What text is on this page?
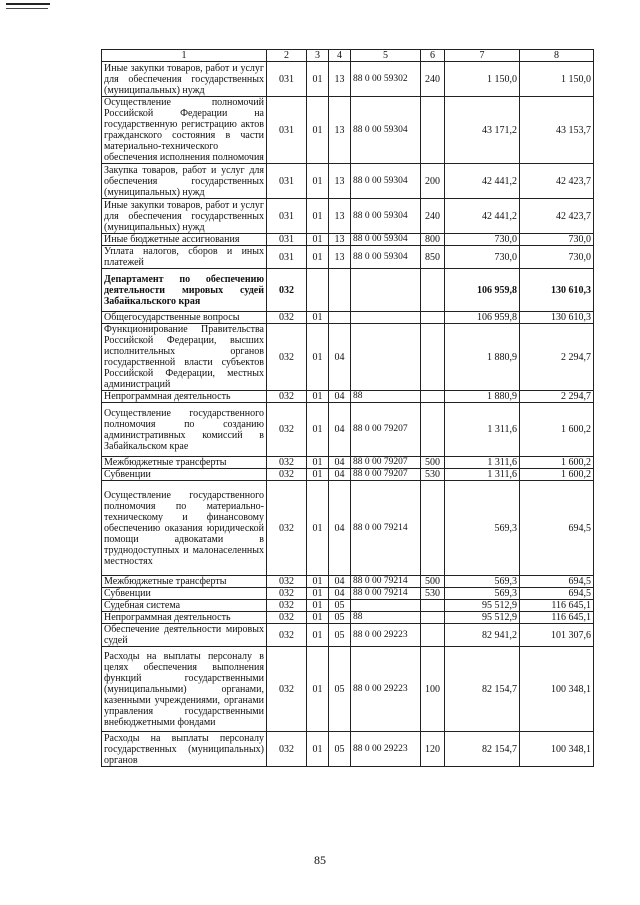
1	2	3	4	5	6	7	8
Иные закупки товаров, работ и услуг для обеспечения государственных (муниципальных) нужд	031	01	13	88 0 00 59302	240	1 150,0	1 150,0
Осуществление полномочий Российской Федерации на государственную регистрацию актов гражданского состояния в части материально-технического обеспечения исполнения полномочия	031	01	13	88 0 00 59304		43 171,2	43 153,7
Закупка товаров, работ и услуг для обеспечения государственных (муниципальных) нужд	031	01	13	88 0 00 59304	200	42 441,2	42 423,7
Иные закупки товаров, работ и услуг для обеспечения государственных (муниципальных) нужд	031	01	13	88 0 00 59304	240	42 441,2	42 423,7
Иные бюджетные ассигнования	031	01	13	88 0 00 59304	800	730,0	730,0
Уплата налогов, сборов и иных платежей	031	01	13	88 0 00 59304	850	730,0	730,0
Департамент по обеспечению деятельности мировых судей Забайкальского края	032					106 959,8	130 610,3
Общегосударственные вопросы	032	01				106 959,8	130 610,3
Функционирование Правительства Российской Федерации, высших исполнительных органов государственной власти субъектов Российской Федерации, местных администраций	032	01	04			1 880,9	2 294,7
Непрограммная деятельность	032	01	04	88		1 880,9	2 294,7
Осуществление государственного полномочия по созданию административных комиссий в Забайкальском крае	032	01	04	88 0 00 79207		1 311,6	1 600,2
Межбюджетные трансферты	032	01	04	88 0 00 79207	500	1 311,6	1 600,2
Субвенции	032	01	04	88 0 00 79207	530	1 311,6	1 600,2
Осуществление государственного полномочия по материально-техническому и финансовому обеспечению оказания юридической помощи адвокатами в труднодоступных и малонаселенных местностях	032	01	04	88 0 00 79214		569,3	694,5
Межбюджетные трансферты	032	01	04	88 0 00 79214	500	569,3	694,5
Субвенции	032	01	04	88 0 00 79214	530	569,3	694,5
Судебная система	032	01	05			95 512,9	116 645,1
Непрограммная деятельность	032	01	05	88		95 512,9	116 645,1
Обеспечение деятельности мировых судей	032	01	05	88 0 00 29223		82 941,2	101 307,6
Расходы на выплаты персоналу в целях обеспечения выполнения функций государственными (муниципальными) органами, казенными учреждениями, органами управления государственными внебюджетными фондами	032	01	05	88 0 00 29223	100	82 154,7	100 348,1
Расходы на выплаты персоналу государственных (муниципальных) органов	032	01	05	88 0 00 29223	120	82 154,7	100 348,1
85
